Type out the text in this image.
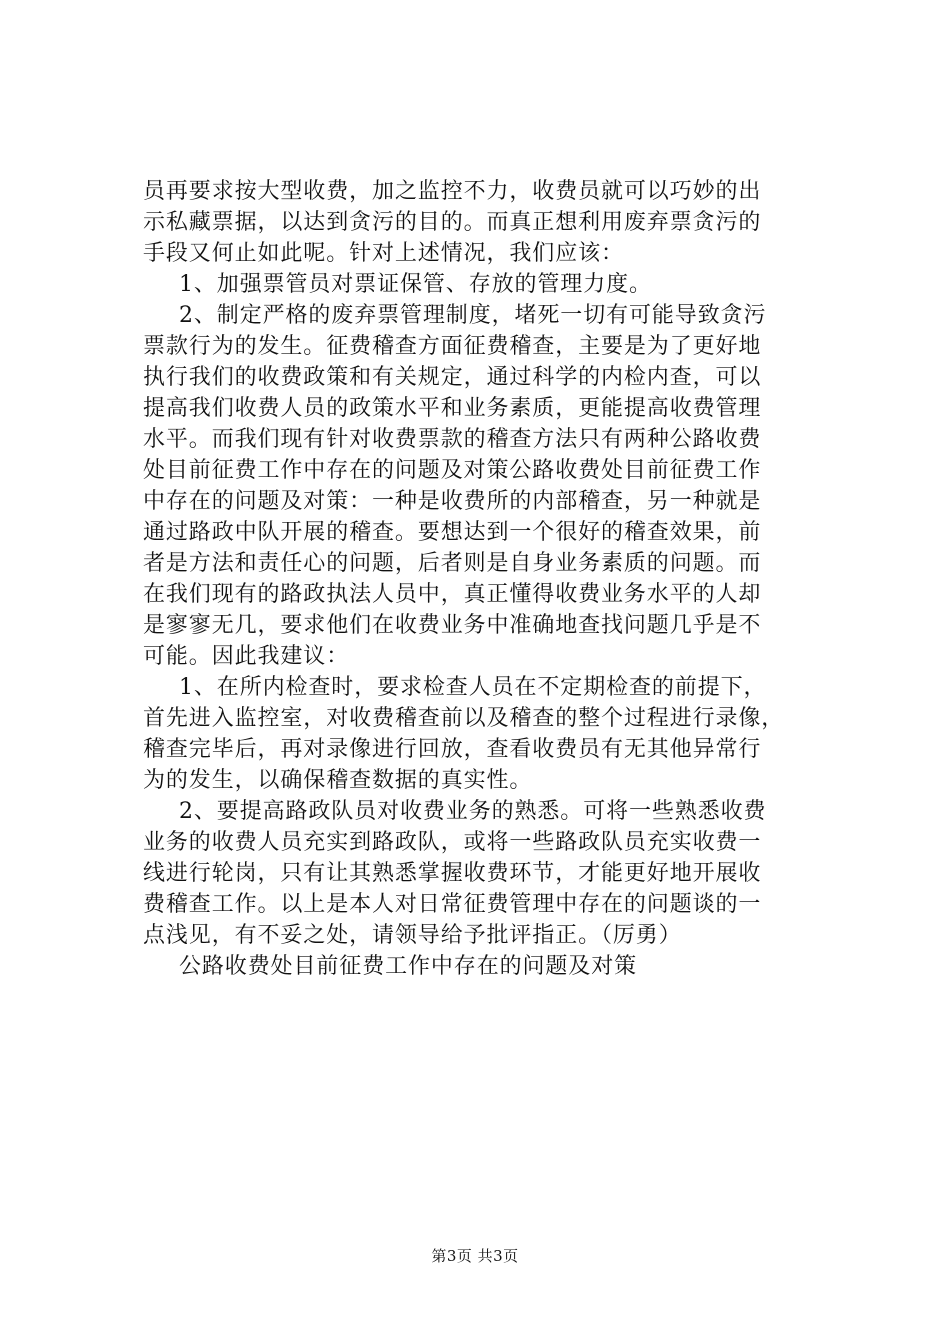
员再要求按大型收费，加之监控不力，收费员就可以巧妙的出
示私藏票据，以达到贪污的目的。而真正想利用废弃票贪污的
手段又何止如此呢。针对上述情况，我们应该：
1、加强票管员对票证保管、存放的管理力度。
2、制定严格的废弃票管理制度，堵死一切有可能导致贪污
票款行为的发生。征费稽查方面征费稽查，主要是为了更好地
执行我们的收费政策和有关规定，通过科学的内检内查，可以
提高我们收费人员的政策水平和业务素质，更能提高收费管理
水平。而我们现有针对收费票款的稽查方法只有两种公路收费
处目前征费工作中存在的问题及对策公路收费处目前征费工作
中存在的问题及对策：一种是收费所的内部稽查，另一种就是
通过路政中队开展的稽查。要想达到一个很好的稽查效果，前
者是方法和责任心的问题，后者则是自身业务素质的问题。而
在我们现有的路政执法人员中，真正懂得收费业务水平的人却
是寥寥无几，要求他们在收费业务中准确地查找问题几乎是不
可能。因此我建议：
1、在所内检查时，要求检查人员在不定期检查的前提下，
首先进入监控室，对收费稽查前以及稽查的整个过程进行录像，
稽查完毕后，再对录像进行回放，查看收费员有无其他异常行
为的发生，以确保稽查数据的真实性。
2、要提高路政队员对收费业务的熟悉。可将一些熟悉收费
业务的收费人员充实到路政队，或将一些路政队员充实收费一
线进行轮岗，只有让其熟悉掌握收费环节，才能更好地开展收
费稽查工作。以上是本人对日常征费管理中存在的问题谈的一
点浅见，有不妥之处，请领导给予批评指正。（厉勇）
公路收费处目前征费工作中存在的问题及对策
第3页 共3页
